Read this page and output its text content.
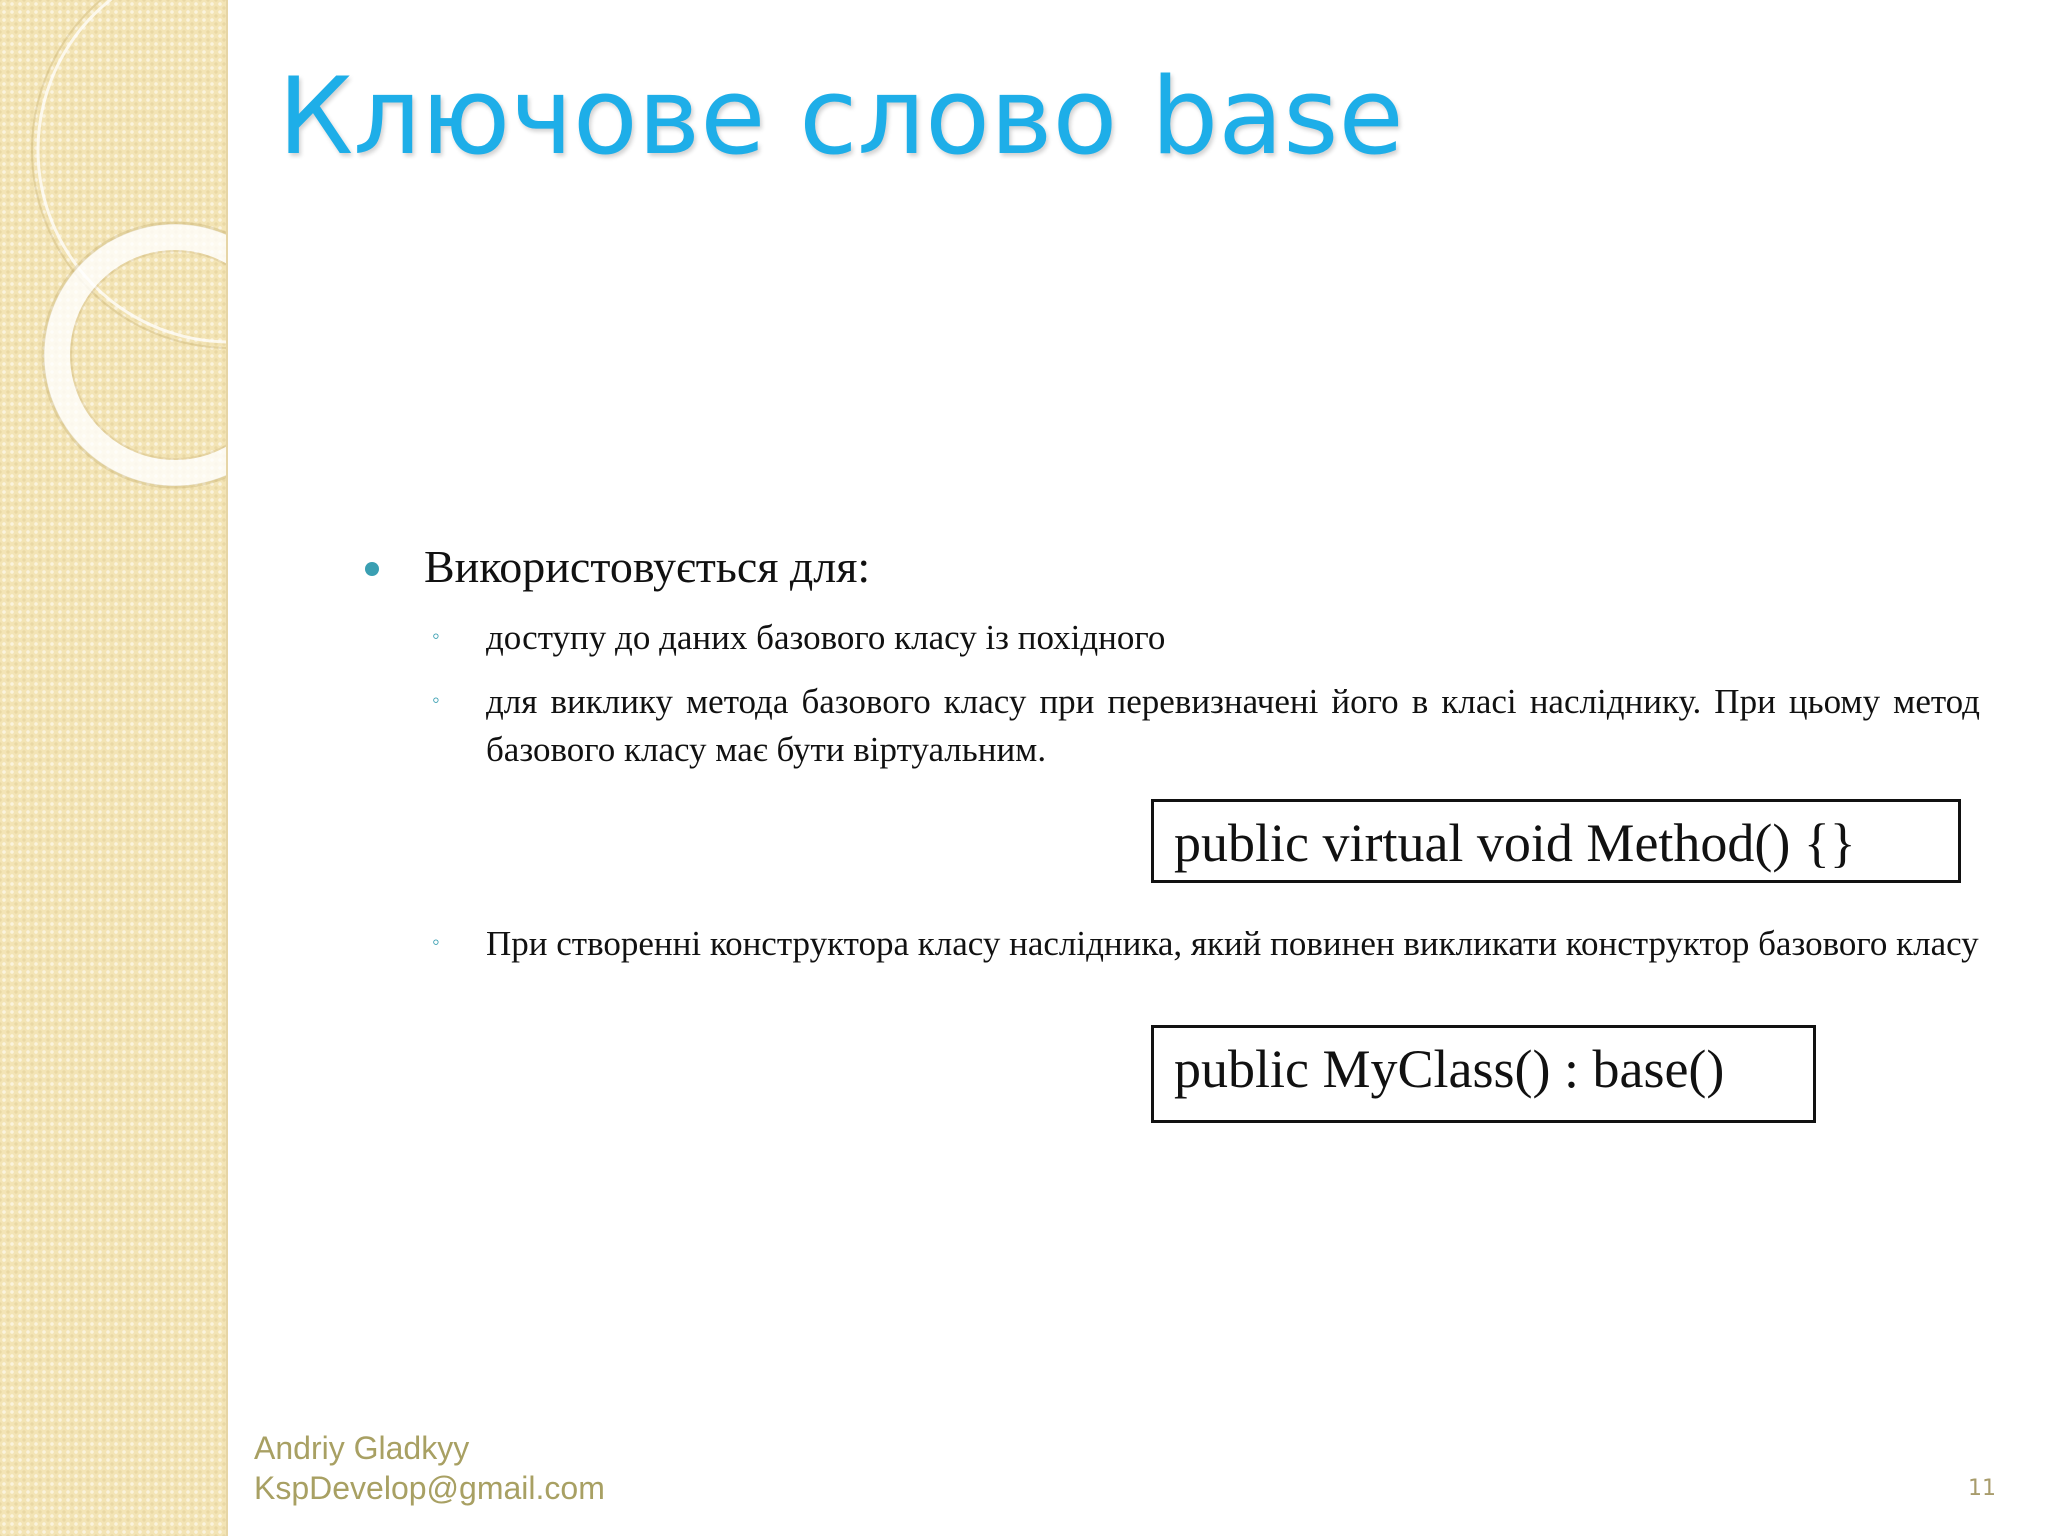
Ключове слово base
Використовується для:
◦ доступу до даних базового класу із похідного
◦ для виклику метода базового класу при перевизначені його в класі насліднику. При цьому метод базового класу має бути віртуальним.
public virtual void Method() {}
◦ При створенні конструктора класу наслідника, який повинен викликати конструктор базового класу
public MyClass() : base()
Andriy Gladkyy
KspDevelop@gmail.com	11
